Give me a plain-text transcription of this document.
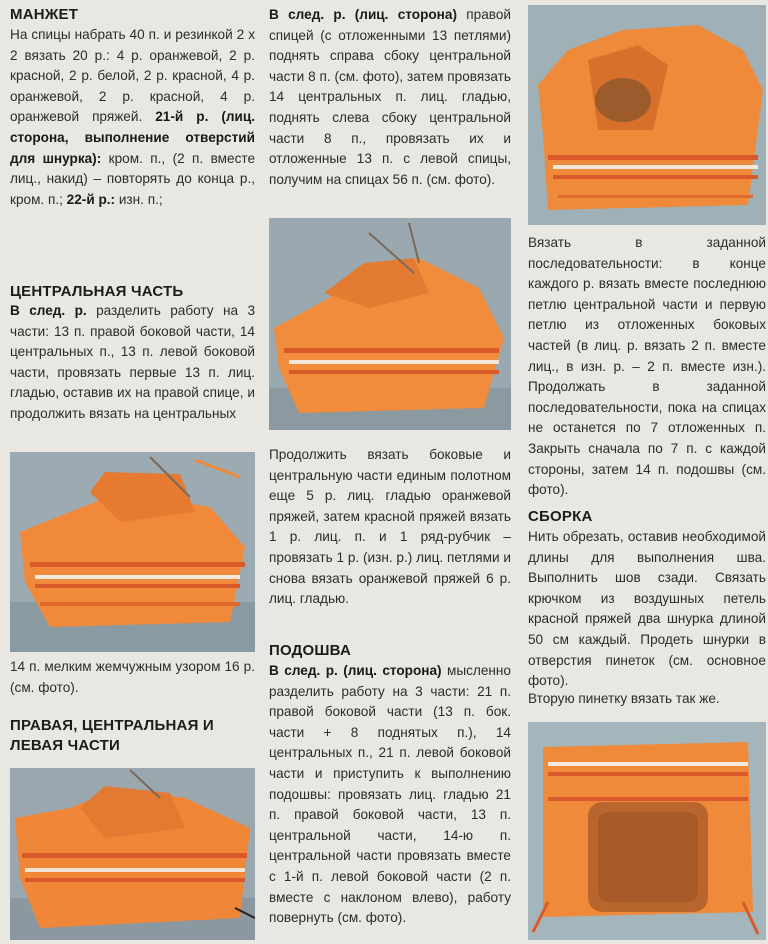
МАНЖЕТ
На спицы набрать 40 п. и резинкой 2 х 2 вязать 20 р.: 4 р. оранжевой, 2 р. красной, 2 р. белой, 2 р. красной, 4 р. оранжевой, 2 р. красной, 4 р. оранжевой пряжей. 21-й р. (лиц. сторона, выполнение отверстий для шнурка): кром. п., (2 п. вместе лиц., накид) – повторять до конца р., кром. п.; 22-й р.: изн. п.;
ЦЕНТРАЛЬНАЯ ЧАСТЬ
В след. р. разделить работу на 3 части: 13 п. правой боковой части, 14 центральных п., 13 п. левой боковой части, провязать первые 13 п. лиц. гладью, оставив их на правой спице, и продолжить вязать на центральных
14 п. мелким жемчужным узором 16 р. (см. фото).
ПРАВАЯ, ЦЕНТРАЛЬНАЯ И ЛЕВАЯ ЧАСТИ
В след. р. (лиц. сторона) правой спицей (с отложенными 13 петлями) поднять справа сбоку центральной части 8 п. (см. фото), затем провязать 14 центральных п. лиц. гладью, поднять слева сбоку центральной части 8 п., провязать их и отложенные 13 п. с левой спицы, получим на спицах 56 п. (см. фото).
Продолжить вязать боковые и центральную части единым полотном еще 5 р. лиц. гладью оранжевой пряжей, затем красной пряжей вязать 1 р. лиц. п. и 1 ряд-рубчик – провязать 1 р. (изн. р.) лиц. петлями и снова вязать оранжевой пряжей 6 р. лиц. гладью.
ПОДОШВА
В след. р. (лиц. сторона) мысленно разделить работу на 3 части: 21 п. правой боковой части (13 п. бок. части + 8 поднятых п.), 14 центральных п., 21 п. левой боковой части и приступить к выполнению подошвы: провязать лиц. гладью 21 п. правой боковой части, 13 п. центральной части, 14-ю п. центральной части провязать вместе с 1-й п. левой боковой части (2 п. вместе с наклоном влево), работу повернуть (см. фото).
Вязать в заданной последовательности: в конце каждого р. вязать вместе последнюю петлю центральной части и первую петлю из отложенных боковых частей (в лиц. р. вязать 2 п. вместе лиц., в изн. р. – 2 п. вместе изн.). Продолжать в заданной последовательности, пока на спицах не останется по 7 отложенных п. Закрыть сначала по 7 п. с каждой стороны, затем 14 п. подошвы (см. фото).
СБОРКА
Нить обрезать, оставив необходимой длины для выполнения шва. Выполнить шов сзади. Связать крючком из воздушных петель красной пряжей два шнурка длиной 50 см каждый. Продеть шнурки в отверстия пинеток (см. основное фото).
Вторую пинетку вязать так же.
